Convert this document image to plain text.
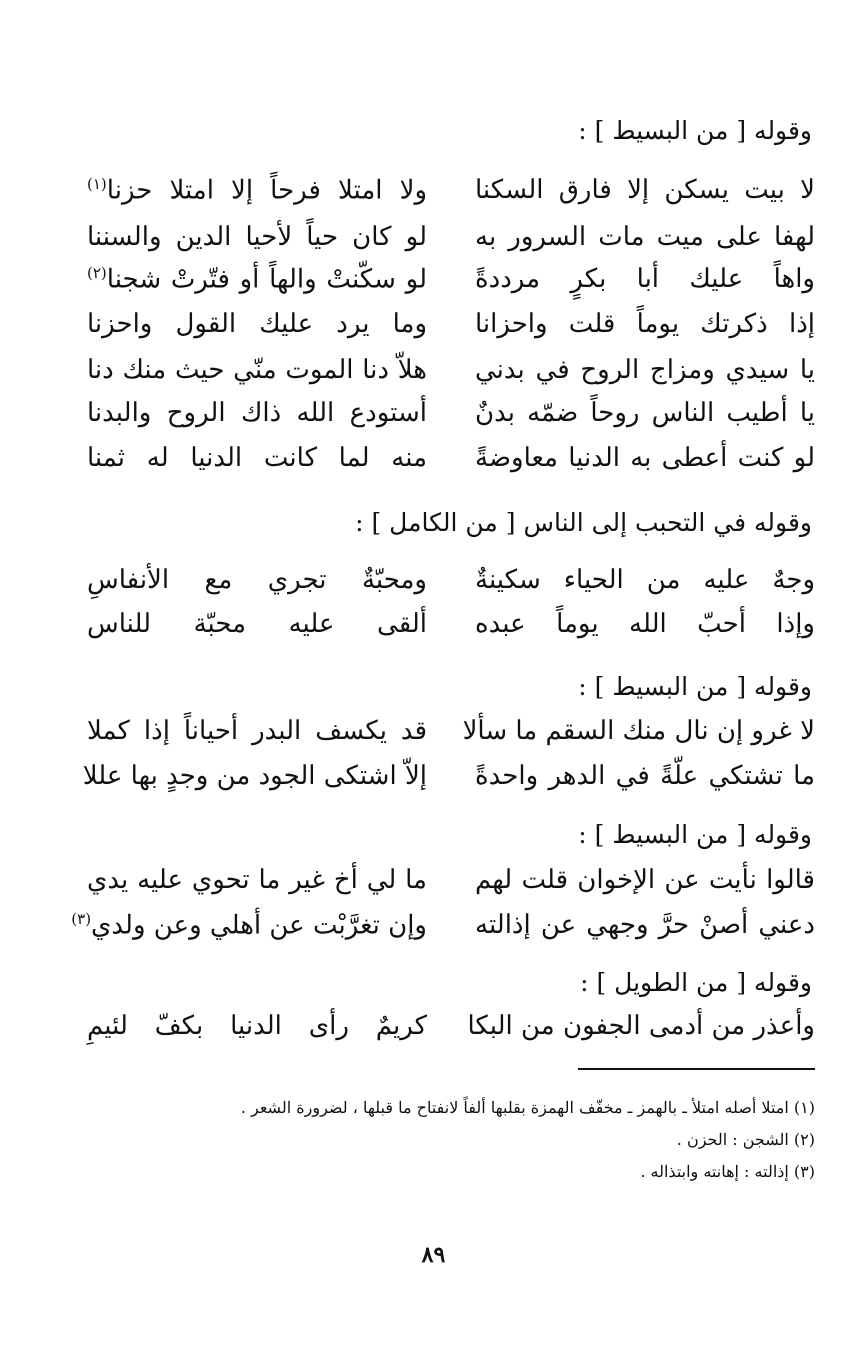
وقوله [ من البسيط ] :
لا بيت يسكن إلا فارق السكنا
ولا امتلا فرحاً إلا امتلا حزنا$^{(١)}$
لهفا على ميت مات السرور به
لو كان حياً لأحيا الدين والسننا
واهاً عليك أبا بكرٍ مرددةً
لو سكّنتْ والهاً أو فتّرتْ شجنا$^{(٢)}$
إذا ذكرتك يوماً قلت واحزانا
وما يرد عليك القول واحزنا
يا سيدي ومزاج الروح في بدني
هلاّ دنا الموت منّي حيث منك دنا
يا أطيب الناس روحاً ضمّه بدنٌ
أستودع الله ذاك الروح والبدنا
لو كنت أعطى به الدنيا معاوضةً
منه لما كانت الدنيا له ثمنا
وقوله في التحبب إلى الناس [ من الكامل ] :
وجهٌ عليه من الحياء سكينةٌ
ومحبّةٌ تجري مع الأنفاسِ
وإذا أحبّ الله يوماً عبده
ألقى عليه محبّة للناس
وقوله [ من البسيط ] :
لا غرو إن نال منك السقم ما سألا
قد يكسف البدر أحياناً إذا كملا
ما تشتكي علّةً في الدهر واحدةً
إلاّ اشتكى الجود من وجدٍ بها عللا
وقوله [ من البسيط ] :
قالوا نأيت عن الإخوان قلت لهم
ما لي أخ غير ما تحوي عليه يدي
دعني أصنْ حرَّ وجهي عن إذالته
وإن تغرَّبْت عن أهلي وعن ولدي$^{(٣)}$
وقوله [ من الطويل ] :
وأعذر من أدمى الجفون من البكا
كريمٌ رأى الدنيا بكفّ لئيمِ
(١) امتلا أصله امتلأ ـ بالهمز ـ مخفّف الهمزة بقلبها ألفاً لانفتاح ما قبلها ، لضرورة الشعر .
(٢) الشجن : الحزن .
(٣) إذالته : إهانته وابتذاله .
٨٩
